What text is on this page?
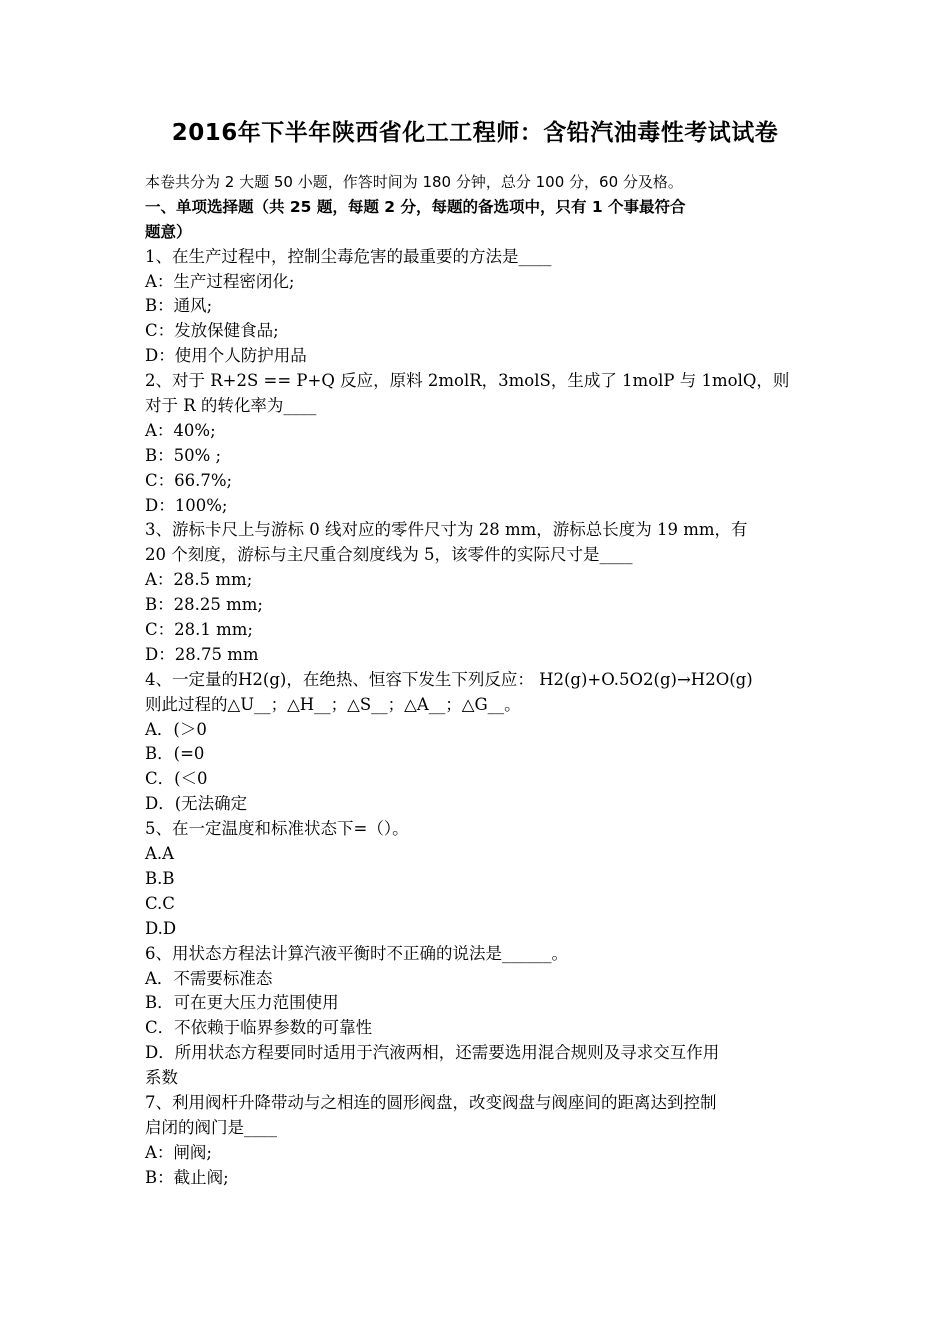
2016年下半年陕西省化工工程师：含铅汽油毒性考试试卷
本卷共分为 2 大题 50 小题，作答时间为 180 分钟，总分 100 分，60 分及格。
一、单项选择题（共 25 题，每题 2 分，每题的备选项中，只有 1 个事最符合
题意）
1、在生产过程中，控制尘毒危害的最重要的方法是____
A：生产过程密闭化;
B：通风;
C：发放保健食品;
D：使用个人防护用品
2、对于 R+2S == P+Q 反应，原料 2molR，3molS，生成了 1molP 与 1molQ，则
对于 R 的转化率为____
A：40%;
B：50% ;
C：66.7%;
D：100%;
3、游标卡尺上与游标 0 线对应的零件尺寸为 28 mm，游标总长度为 19 mm，有
20 个刻度，游标与主尺重合刻度线为 5，该零件的实际尺寸是____
A：28.5 mm;
B：28.25 mm;
C：28.1 mm;
D：28.75 mm
4、一定量的H2(g)，在绝热、恒容下发生下列反应： H2(g)+O.5O2(g)→H2O(g)
则此过程的△U__；△H__；△S__；△A__；△G__。
A．(＞0
B．(=0
C．(＜0
D．(无法确定
5、在一定温度和标准状态下=（）。
A.A
B.B
C.C
D.D
6、用状态方程法计算汽液平衡时不正确的说法是______。
A．不需要标准态
B．可在更大压力范围使用
C．不依赖于临界参数的可靠性
D．所用状态方程要同时适用于汽液两相，还需要选用混合规则及寻求交互作用
系数
7、利用阀杆升降带动与之相连的圆形阀盘，改变阀盘与阀座间的距离达到控制
启闭的阀门是____
A：闸阀;
B：截止阀;
